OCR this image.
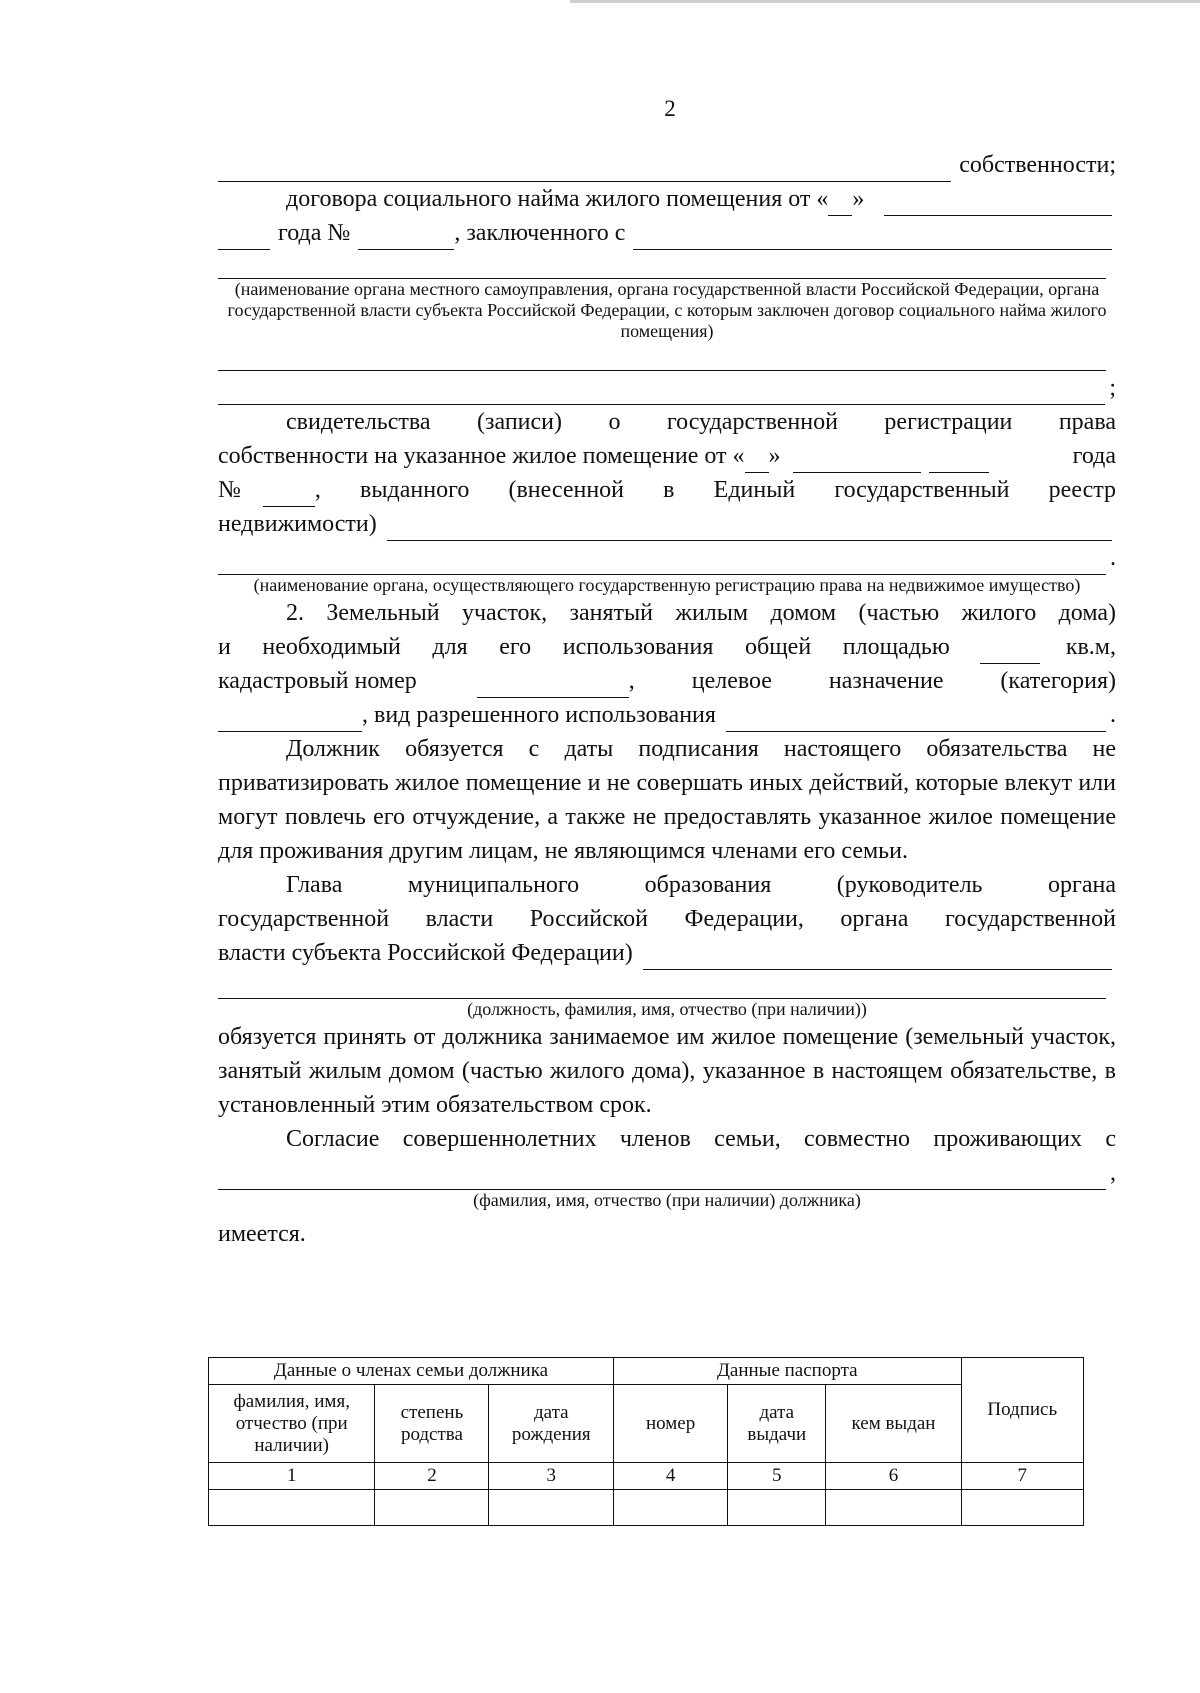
2
собственности;
договора социального найма жилого помещения от « »
года №	, заключенного с

(наименование органа местного самоуправления, органа государственной власти Российской Федерации, органа государственной власти субъекта Российской Федерации, с которым заключен договор социального найма жилого помещения)

;

свидетельства (записи) о государственной регистрации права

собственности на указанное жилое помещение от « »	года
№	, выданного (внесенной в Единый государственный реестр
недвижимости)
.

(наименование органа, осуществляющего государственную регистрацию права на недвижимое имущество)

2. Земельный участок, занятый жилым домом (частью жилого дома)

и необходимый для его использования общей площадью	кв.м,
кадастровый номер	, целевое назначение (категория)
, вид разрешенного использования	.

Должник обязуется с даты подписания настоящего обязательства не приватизировать жилое помещение и не совершать иных действий, которые влекут или могут повлечь его отчуждение, а также не предоставлять указанное жилое помещение для проживания другим лицам, не являющимся членами его семьи.

Глава муниципального образования (руководитель органа

государственной власти Российской Федерации, органа государственной

власти субъекта Российской Федерации)

(должность, фамилия, имя, отчество (при наличии))

обязуется принять от должника занимаемое им жилое помещение (земельный участок, занятый жилым домом (частью жилого дома), указанное в настоящем обязательстве, в установленный этим обязательством срок.

Согласие совершеннолетних членов семьи, совместно проживающих с

,

(фамилия, имя, отчество (при наличии) должника)

имеется.

Данные о членах семьи должника			Данные паспорта			Подпись
фамилия, имя, отчество (при наличии)	степень родства	дата рождения	номер	дата выдачи	кем выдан	
1	2	3	4	5	6	7
